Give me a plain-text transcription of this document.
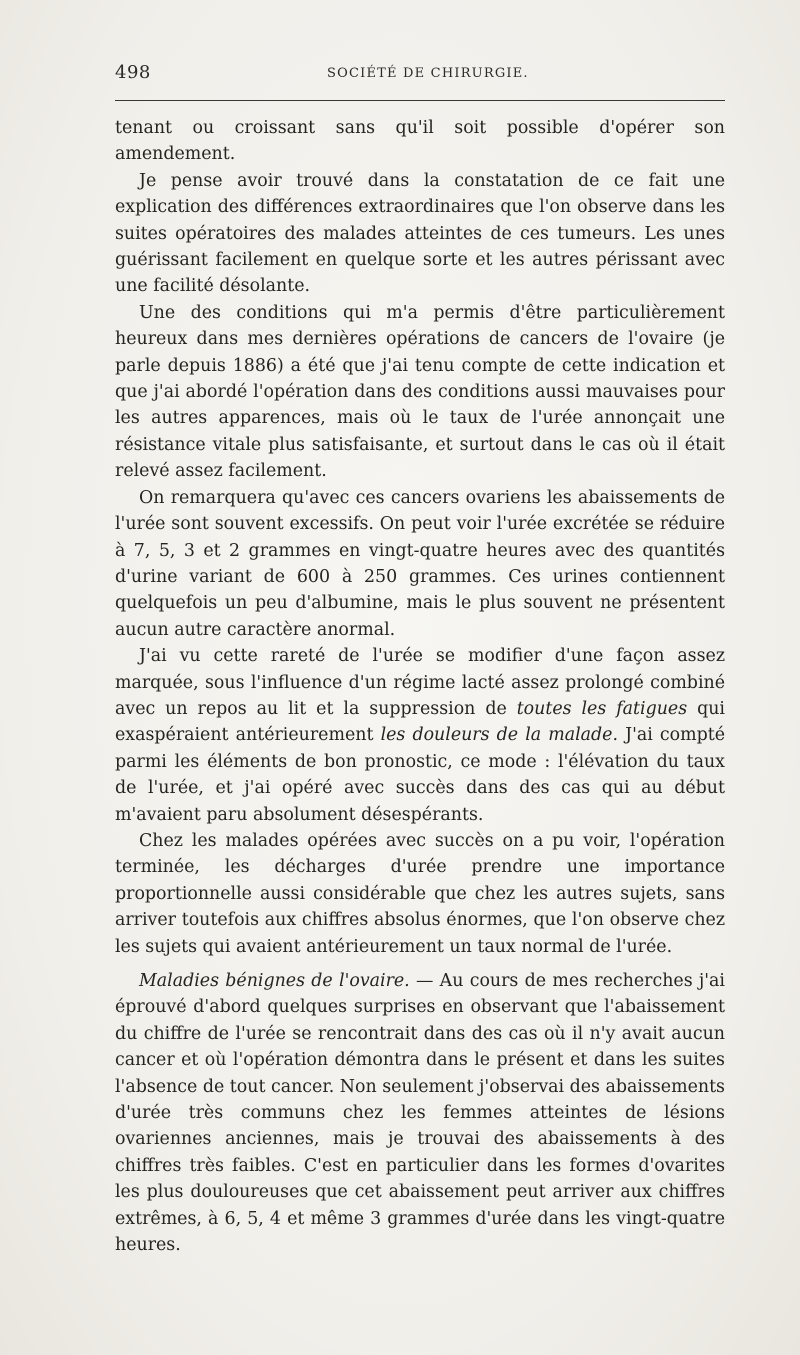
498	SOCIÉTÉ DE CHIRURGIE.

tenant ou croissant sans qu'il soit possible d'opérer son amendement.

Je pense avoir trouvé dans la constatation de ce fait une explication des différences extraordinaires que l'on observe dans les suites opératoires des malades atteintes de ces tumeurs. Les unes guérissant facilement en quelque sorte et les autres périssant avec une facilité désolante.

Une des conditions qui m'a permis d'être particulièrement heureux dans mes dernières opérations de cancers de l'ovaire (je parle depuis 1886) a été que j'ai tenu compte de cette indication et que j'ai abordé l'opération dans des conditions aussi mauvaises pour les autres apparences, mais où le taux de l'urée annonçait une résistance vitale plus satisfaisante, et surtout dans le cas où il était relevé assez facilement.

On remarquera qu'avec ces cancers ovariens les abaissements de l'urée sont souvent excessifs. On peut voir l'urée excrétée se réduire à 7, 5, 3 et 2 grammes en vingt-quatre heures avec des quantités d'urine variant de 600 à 250 grammes. Ces urines contiennent quelquefois un peu d'albumine, mais le plus souvent ne présentent aucun autre caractère anormal.

J'ai vu cette rareté de l'urée se modifier d'une façon assez marquée, sous l'influence d'un régime lacté assez prolongé combiné avec un repos au lit et la suppression de toutes les fatigues qui exaspéraient antérieurement les douleurs de la malade. J'ai compté parmi les éléments de bon pronostic, ce mode : l'élévation du taux de l'urée, et j'ai opéré avec succès dans des cas qui au début m'avaient paru absolument désespérants.

Chez les malades opérées avec succès on a pu voir, l'opération terminée, les décharges d'urée prendre une importance proportionnelle aussi considérable que chez les autres sujets, sans arriver toutefois aux chiffres absolus énormes, que l'on observe chez les sujets qui avaient antérieurement un taux normal de l'urée.

Maladies bénignes de l'ovaire. — Au cours de mes recherches j'ai éprouvé d'abord quelques surprises en observant que l'abaissement du chiffre de l'urée se rencontrait dans des cas où il n'y avait aucun cancer et où l'opération démontra dans le présent et dans les suites l'absence de tout cancer. Non seulement j'observai des abaissements d'urée très communs chez les femmes atteintes de lésions ovariennes anciennes, mais je trouvai des abaissements à des chiffres très faibles. C'est en particulier dans les formes d'ovarites les plus douloureuses que cet abaissement peut arriver aux chiffres extrêmes, à 6, 5, 4 et même 3 grammes d'urée dans les vingt-quatre heures.
